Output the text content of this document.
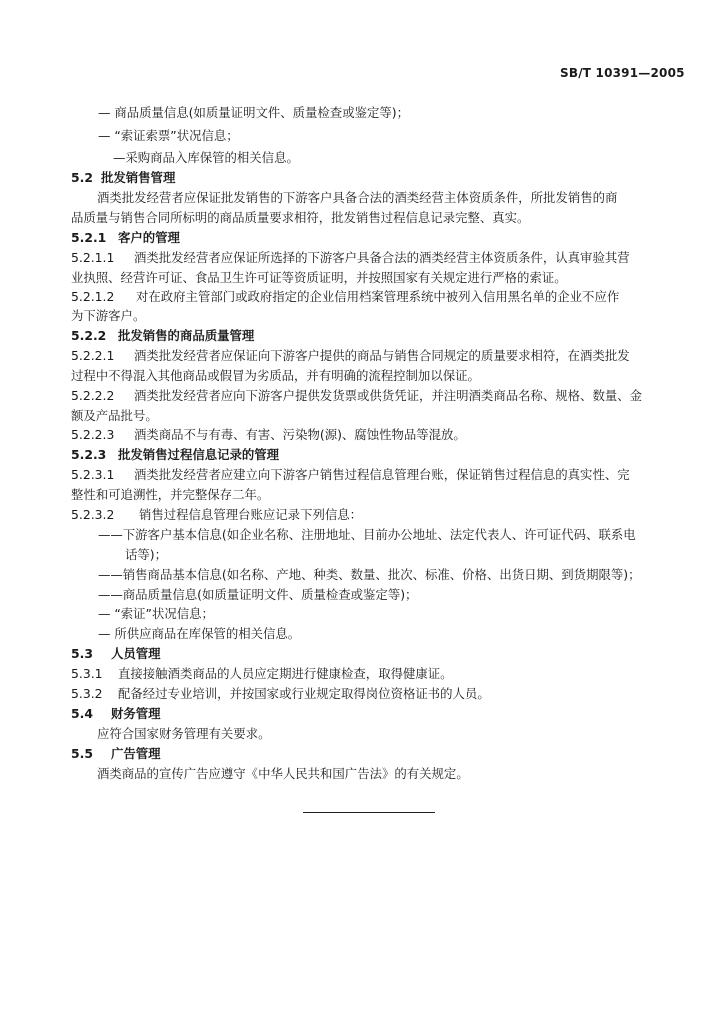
SB/T 10391—2005
— 商品质量信息(如质量证明文件、质量检查或鉴定等)；
— “索证索票”状况信息；
—采购商品入库保管的相关信息。
5.2 批发销售管理
酒类批发经营者应保证批发销售的下游客户具备合法的酒类经营主体资质条件，所批发销售的商
品质量与销售合同所标明的商品质量要求相符，批发销售过程信息记录完整、真实。
5.2.1 客户的管理
5.2.1.1 酒类批发经营者应保证所选择的下游客户具备合法的酒类经营主体资质条件，认真审验其营
业执照、经营许可证、食品卫生许可证等资质证明，并按照国家有关规定进行严格的索证。
5.2.1.2 对在政府主管部门或政府指定的企业信用档案管理系统中被列入信用黑名单的企业不应作
为下游客户。
5.2.2 批发销售的商品质量管理
5.2.2.1 酒类批发经营者应保证向下游客户提供的商品与销售合同规定的质量要求相符，在酒类批发
过程中不得混入其他商品或假冒为劣质品，并有明确的流程控制加以保证。
5.2.2.2 酒类批发经营者应向下游客户提供发货票或供货凭证，并注明酒类商品名称、规格、数量、金
额及产品批号。
5.2.2.3 酒类商品不与有毒、有害、污染物(源)、腐蚀性物品等混放。
5.2.3 批发销售过程信息记录的管理
5.2.3.1 酒类批发经营者应建立向下游客户销售过程信息管理台账，保证销售过程信息的真实性、完
整性和可追溯性，并完整保存二年。
5.2.3.2 销售过程信息管理台账应记录下列信息：
——下游客户基本信息(如企业名称、注册地址、目前办公地址、法定代表人、许可证代码、联系电
话等)；
——销售商品基本信息(如名称、产地、种类、数量、批次、标准、价格、出货日期、到货期限等)；
——商品质量信息(如质量证明文件、质量检查或鉴定等)；
— “索证”状况信息；
— 所供应商品在库保管的相关信息。
5.3 人员管理
5.3.1 直接接触酒类商品的人员应定期进行健康检查，取得健康证。
5.3.2 配备经过专业培训，并按国家或行业规定取得岗位资格证书的人员。
5.4 财务管理
应符合国家财务管理有关要求。
5.5 广告管理
酒类商品的宣传广告应遵守《中华人民共和国广告法》的有关规定。
